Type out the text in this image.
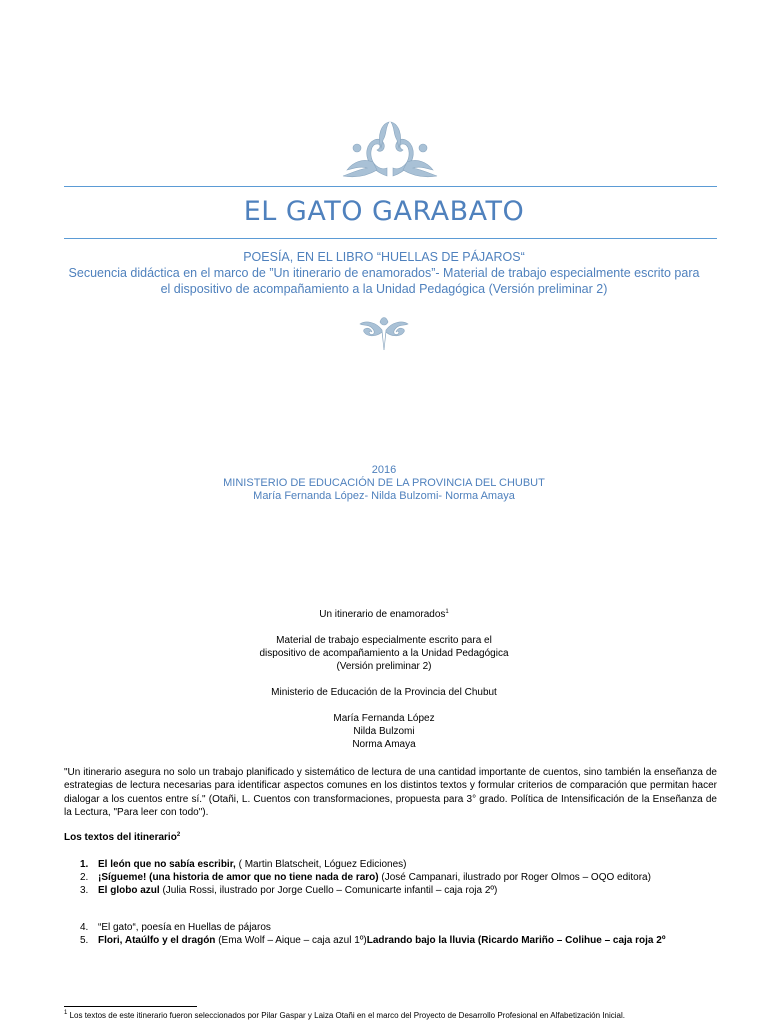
EL GATO GARABATO
POESÍA, EN EL LIBRO “HUELLAS DE PÁJAROS“
Secuencia didáctica en el marco de ”Un itinerario de enamorados”- Material de trabajo especialmente escrito para
el dispositivo de acompañamiento a la Unidad Pedagógica (Versión preliminar 2)
2016
MINISTERIO DE EDUCACIÓN DE LA PROVINCIA DEL CHUBUT
María Fernanda López- Nilda Bulzomi- Norma Amaya
Un itinerario de enamorados$^1$
Material de trabajo especialmente escrito para el
dispositivo de acompañamiento a la Unidad Pedagógica
(Versión preliminar 2)
Ministerio de Educación de la Provincia del Chubut
María Fernanda López
Nilda Bulzomi
Norma Amaya
"Un itinerario asegura no solo un trabajo planificado y sistemático de lectura de una cantidad importante de cuentos, sino también la enseñanza de estrategias de lectura necesarias para identificar aspectos comunes en los distintos textos y formular criterios de comparación que permitan hacer dialogar a los cuentos entre sí." (Otañi, L. Cuentos con transformaciones, propuesta para 3° grado. Política de Intensificación de la Enseñanza de la Lectura, "Para leer con todo").
Los textos del itinerario$^2$
1. El león que no sabía escribir, ( Martin Blatscheit, Lóguez Ediciones)
2. ¡Sígueme! (una historia de amor que no tiene nada de raro) (José Campanari, ilustrado por Roger Olmos – OQO editora)
3. El globo azul (Julia Rossi, ilustrado por Jorge Cuello – Comunicarte infantil – caja roja 2º)
4. “El gato“, poesía en Huellas de pájaros
5. Flori, Ataúlfo y el dragón (Ema Wolf – Aique – caja azul 1º)Ladrando bajo la lluvia (Ricardo Mariño – Colihue – caja roja 2º
$^1$ Los textos de este itinerario fueron seleccionados por Pilar Gaspar y Laiza Otañi en el marco del Proyecto de Desarrollo Profesional en Alfabetización Inicial.
